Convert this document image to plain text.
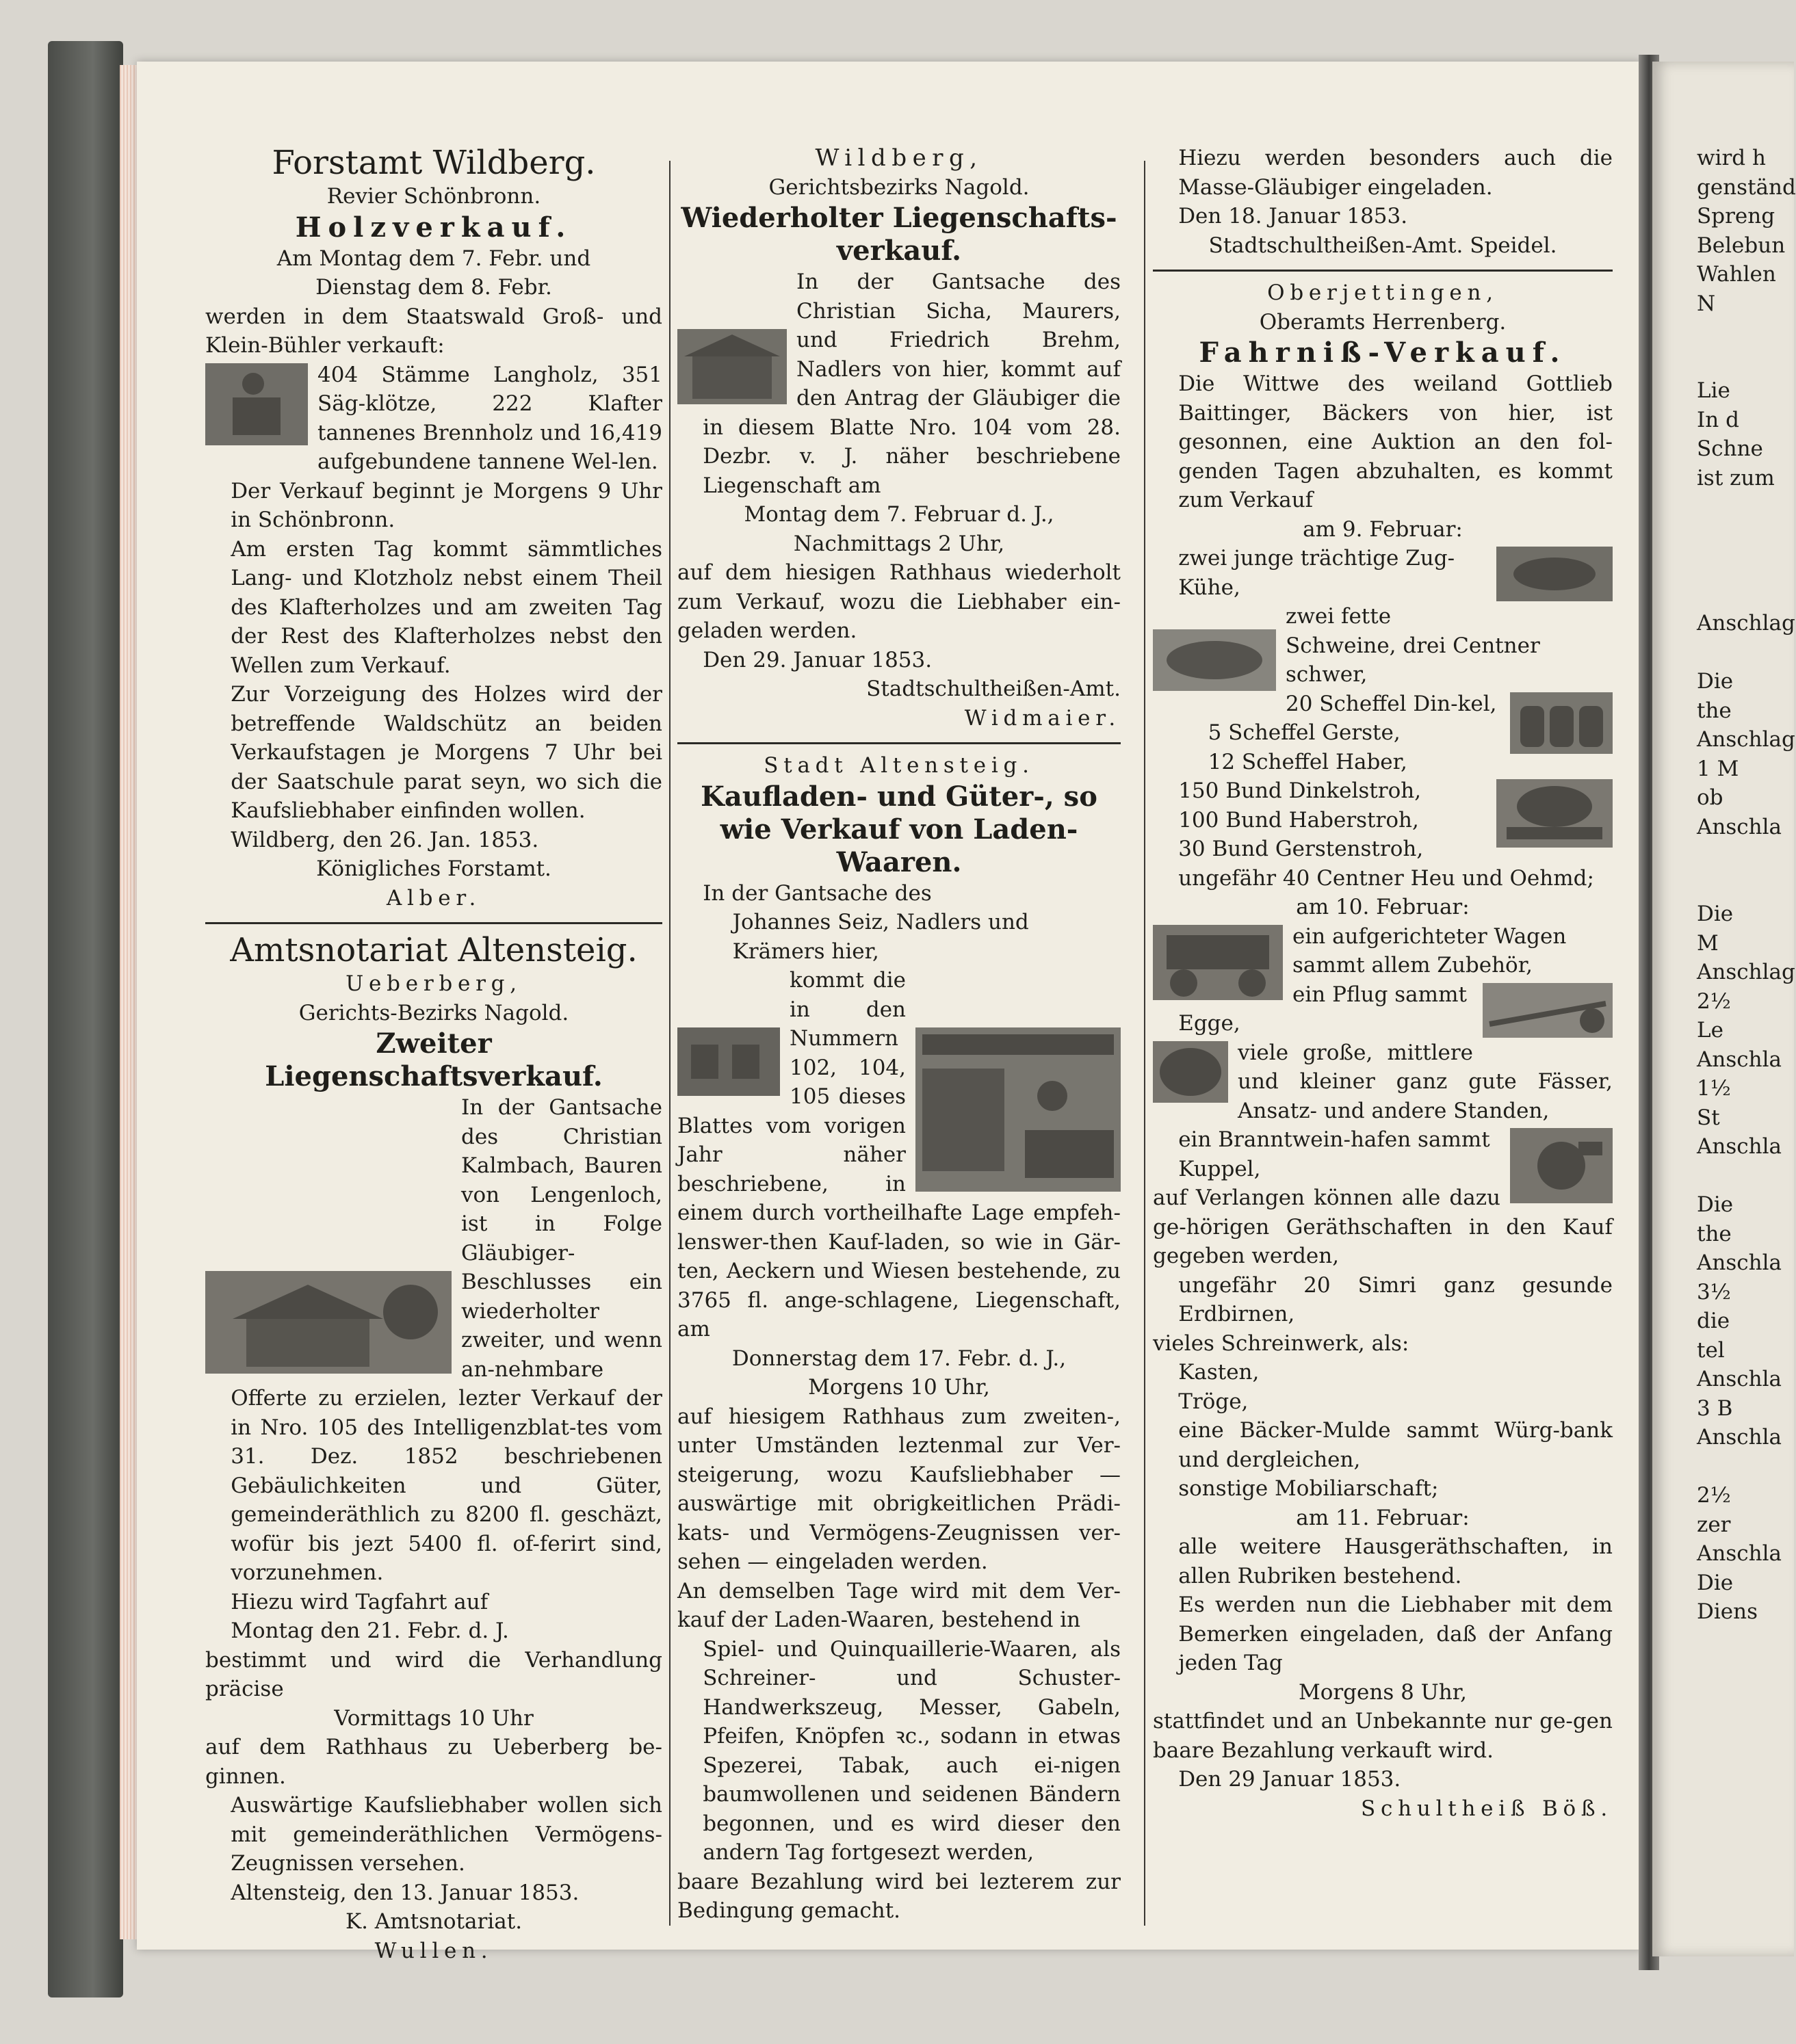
Forstamt Wildberg.
Revier Schönbronn.
Holzverkauf.
Am Montag dem 7. Febr. und
Dienstag dem 8. Febr.

werden in dem Staatswald Groß- und Klein-Bühler verkauft:

404 Stämme Langholz, 351 Säg-klötze, 222 Klafter tannenes Brennholz und 16,419 aufgebundene tannene Wel-len.

Der Verkauf beginnt je Morgens 9 Uhr in Schönbronn.

Am ersten Tag kommt sämmtliches Lang- und Klotzholz nebst einem Theil des Klafterholzes und am zweiten Tag der Rest des Klafterholzes nebst den Wellen zum Verkauf.

Zur Vorzeigung des Holzes wird der betreffende Waldschütz an beiden Verkaufstagen je Morgens 7 Uhr bei der Saatschule parat seyn, wo sich die Kaufsliebhaber einfinden wollen.

Wildberg, den 26. Jan. 1853.

Königliches Forstamt.

Alber.

Amtsnotariat Altensteig.
Ueberberg,
Gerichts-Bezirks Nagold.
Zweiter Liegenschaftsverkauf.

In der Gantsache des Christian Kalmbach, Bauren von Lengenloch, ist in Folge Gläubiger-Beschlusses ein wiederholter zweiter, und wenn an-nehmbare Offerte zu erzielen, lezter Verkauf der in Nro. 105 des Intelligenzblat-tes vom 31. Dez. 1852 beschriebenen Gebäulichkeiten und Güter, gemeinderäthlich zu 8200 fl. geschäzt, wofür bis jezt 5400 fl. of-ferirt sind, vorzunehmen.

Hiezu wird Tagfahrt auf

Montag den 21. Febr. d. J.

bestimmt und wird die Verhandlung präcise

Vormittags 10 Uhr

auf dem Rathhaus zu Ueberberg be-ginnen.

Auswärtige Kaufsliebhaber wollen sich mit gemeinderäthlichen Vermögens-Zeugnissen versehen.

Altensteig, den 13. Januar 1853.

K. Amtsnotariat.

Wullen.

Wildberg,
Gerichtsbezirks Nagold.
Wiederholter Liegenschafts-verkauf.

In der Gantsache des Christian Sicha, Maurers, und Friedrich Brehm, Nadlers von hier, kommt auf den Antrag der Gläubiger die in diesem Blatte Nro. 104 vom 28. Dezbr. v. J. näher beschriebene Liegenschaft am

Montag dem 7. Februar d. J.,

Nachmittags 2 Uhr,

auf dem hiesigen Rathhaus wiederholt zum Verkauf, wozu die Liebhaber ein-geladen werden.

Den 29. Januar 1853.

Stadtschultheißen-Amt.

Widmaier.

Stadt Altensteig.
Kaufladen- und Güter-, so wie Verkauf von Laden-Waaren.

In der Gantsache des

Johannes Seiz, Nadlers und Krämers hier,

kommt die in den Nummern 102, 104, 105 dieses Blattes vom vorigen Jahr näher beschriebene, in einem durch vortheilhafte Lage empfeh-lenswer-then Kauf-laden, so wie in Gär-ten, Aeckern und Wiesen bestehende, zu 3765 fl. ange-schlagene, Liegenschaft, am

Donnerstag dem 17. Febr. d. J.,

Morgens 10 Uhr,

auf hiesigem Rathhaus zum zweiten-, unter Umständen leztenmal zur Ver-steigerung, wozu Kaufsliebhaber — auswärtige mit obrigkeitlichen Prädi-kats- und Vermögens-Zeugnissen ver-sehen — eingeladen werden.

An demselben Tage wird mit dem Ver-kauf der Laden-Waaren, bestehend in

Spiel- und Quinquaillerie-Waaren, als Schreiner- und Schuster-Handwerkszeug, Messer, Gabeln, Pfeifen, Knöpfen ꝛc., sodann in etwas Spezerei, Tabak, auch ei-nigen baumwollenen und seidenen Bändern begonnen, und es wird dieser den andern Tag fortgesezt werden,

baare Bezahlung wird bei lezterem zur Bedingung gemacht.

Hiezu werden besonders auch die Masse-Gläubiger eingeladen.

Den 18. Januar 1853.

Stadtschultheißen-Amt. Speidel.

Oberjettingen,
Oberamts Herrenberg.
Fahrniß-Verkauf.

Die Wittwe des weiland Gottlieb Baittinger, Bäckers von hier, ist gesonnen, eine Auktion an den fol-genden Tagen abzuhalten, es kommt zum Verkauf

am 9. Februar:

zwei junge trächtige Zug-Kühe,

zwei fette Schweine, drei Centner schwer,

20 Scheffel Din-kel,

5 Scheffel Gerste,

12 Scheffel Haber,

150 Bund Dinkelstroh,

100 Bund Haberstroh,

30 Bund Gerstenstroh,

ungefähr 40 Centner Heu und Oehmd;

am 10. Februar:

ein aufgerichteter Wagen sammt allem Zubehör,

ein Pflug sammt Egge,

viele große, mittlere und kleiner ganz gute Fässer, Ansatz- und andere Standen,

ein Branntwein-hafen sammt Kuppel,

auf Verlangen können alle dazu ge-hörigen Geräthschaften in den Kauf gegeben werden,

ungefähr 20 Simri ganz gesunde Erdbirnen,

vieles Schreinwerk, als:

Kasten,

Tröge,

eine Bäcker-Mulde sammt Würg-bank und dergleichen,

sonstige Mobiliarschaft;

am 11. Februar:

alle weitere Hausgeräthschaften, in allen Rubriken bestehend.

Es werden nun die Liebhaber mit dem Bemerken eingeladen, daß der Anfang jeden Tag

Morgens 8 Uhr,

stattfindet und an Unbekannte nur ge-gen baare Bezahlung verkauft wird.

Den 29 Januar 1853.

Schultheiß Böß.

wird h
genständ
Spreng
Belebun
Wahlen
N
Lie
In d
Schne
ist zum
Anschlag
Die
the
Anschlag
1 M
ob
Anschla
Die
M
Anschlag
2½
Le
Anschla
1½
St
Anschla
Die
the
Anschla
3½
die
tel
Anschla
3 B
Anschla
2½
zer
Anschla
Die
Diens
